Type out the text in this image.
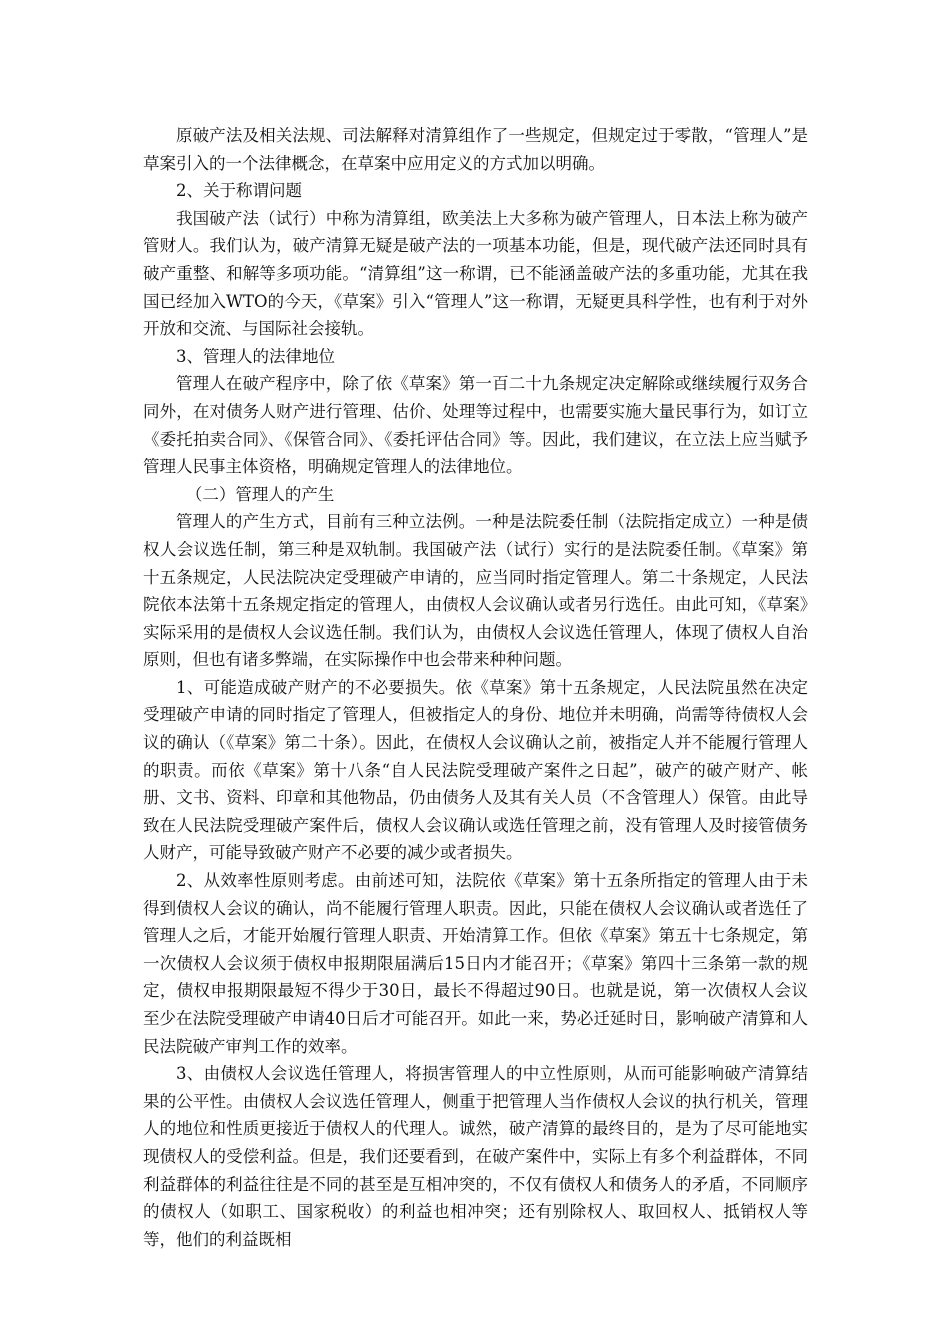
原破产法及相关法规、司法解释对清算组作了一些规定，但规定过于零散，“管理人”是草案引入的一个法律概念，在草案中应用定义的方式加以明确。

2、关于称谓问题

我国破产法（试行）中称为清算组，欧美法上大多称为破产管理人，日本法上称为破产管财人。我们认为，破产清算无疑是破产法的一项基本功能，但是，现代破产法还同时具有破产重整、和解等多项功能。“清算组”这一称谓，已不能涵盖破产法的多重功能，尤其在我国已经加入WTO的今天，《草案》引入“管理人”这一称谓，无疑更具科学性，也有利于对外开放和交流、与国际社会接轨。

3、管理人的法律地位

管理人在破产程序中，除了依《草案》第一百二十九条规定决定解除或继续履行双务合同外，在对债务人财产进行管理、估价、处理等过程中，也需要实施大量民事行为，如订立《委托拍卖合同》、《保管合同》、《委托评估合同》等。因此，我们建议，在立法上应当赋予管理人民事主体资格，明确规定管理人的法律地位。

（二）管理人的产生

管理人的产生方式，目前有三种立法例。一种是法院委任制（法院指定成立）一种是债权人会议选任制，第三种是双轨制。我国破产法（试行）实行的是法院委任制。《草案》第十五条规定，人民法院决定受理破产申请的，应当同时指定管理人。第二十条规定，人民法院依本法第十五条规定指定的管理人，由债权人会议确认或者另行选任。由此可知，《草案》实际采用的是债权人会议选任制。我们认为，由债权人会议选任管理人，体现了债权人自治原则，但也有诸多弊端，在实际操作中也会带来种种问题。

1、可能造成破产财产的不必要损失。依《草案》第十五条规定，人民法院虽然在决定受理破产申请的同时指定了管理人，但被指定人的身份、地位并未明确，尚需等待债权人会议的确认（《草案》第二十条）。因此，在债权人会议确认之前，被指定人并不能履行管理人的职责。而依《草案》第十八条“自人民法院受理破产案件之日起”，破产的破产财产、帐册、文书、资料、印章和其他物品，仍由债务人及其有关人员（不含管理人）保管。由此导致在人民法院受理破产案件后，债权人会议确认或选任管理之前，没有管理人及时接管债务人财产，可能导致破产财产不必要的减少或者损失。

2、从效率性原则考虑。由前述可知，法院依《草案》第十五条所指定的管理人由于未得到债权人会议的确认，尚不能履行管理人职责。因此，只能在债权人会议确认或者选任了管理人之后，才能开始履行管理人职责、开始清算工作。但依《草案》第五十七条规定，第一次债权人会议须于债权申报期限届满后15日内才能召开；《草案》第四十三条第一款的规定，债权申报期限最短不得少于30日，最长不得超过90日。也就是说，第一次债权人会议至少在法院受理破产申请40日后才可能召开。如此一来，势必迁延时日，影响破产清算和人民法院破产审判工作的效率。

3、由债权人会议选任管理人，将损害管理人的中立性原则，从而可能影响破产清算结果的公平性。由债权人会议选任管理人，侧重于把管理人当作债权人会议的执行机关，管理人的地位和性质更接近于债权人的代理人。诚然，破产清算的最终目的，是为了尽可能地实现债权人的受偿利益。但是，我们还要看到，在破产案件中，实际上有多个利益群体，不同利益群体的利益往往是不同的甚至是互相冲突的，不仅有债权人和债务人的矛盾，不同顺序的债权人（如职工、国家税收）的利益也相冲突；还有别除权人、取回权人、抵销权人等等，他们的利益既相
